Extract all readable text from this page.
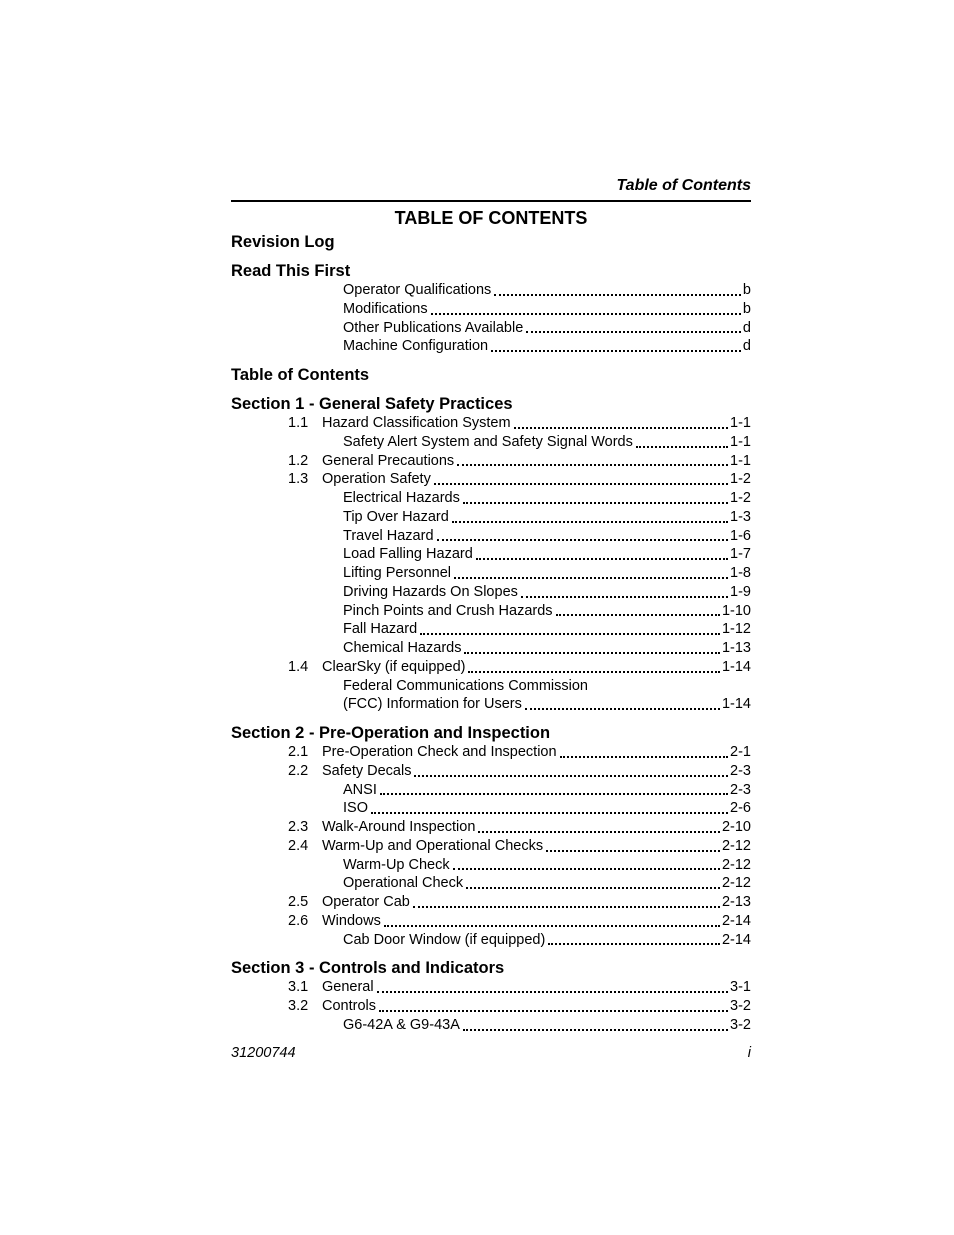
Table of Contents
TABLE OF CONTENTS
Revision Log
Read This First
Operator Qualifications	b
Modifications	b
Other Publications Available	d
Machine Configuration	d
Table of Contents
Section 1 - General Safety Practices
1.1 Hazard Classification System	1-1
Safety Alert System and Safety Signal Words	1-1
1.2 General Precautions	1-1
1.3 Operation Safety	1-2
Electrical Hazards	1-2
Tip Over Hazard	1-3
Travel Hazard	1-6
Load Falling Hazard	1-7
Lifting Personnel	1-8
Driving Hazards On Slopes	1-9
Pinch Points and Crush Hazards	1-10
Fall Hazard	1-12
Chemical Hazards	1-13
1.4 ClearSky (if equipped)	1-14
Federal Communications Commission
(FCC) Information for Users	1-14
Section 2 - Pre-Operation and Inspection
2.1 Pre-Operation Check and Inspection	2-1
2.2 Safety Decals	2-3
ANSI	2-3
ISO	2-6
2.3 Walk-Around Inspection	2-10
2.4 Warm-Up and Operational Checks	2-12
Warm-Up Check	2-12
Operational Check	2-12
2.5 Operator Cab	2-13
2.6 Windows	2-14
Cab Door Window (if equipped)	2-14
Section 3 - Controls and Indicators
3.1 General	3-1
3.2 Controls	3-2
G6-42A & G9-43A	3-2
31200744	i
